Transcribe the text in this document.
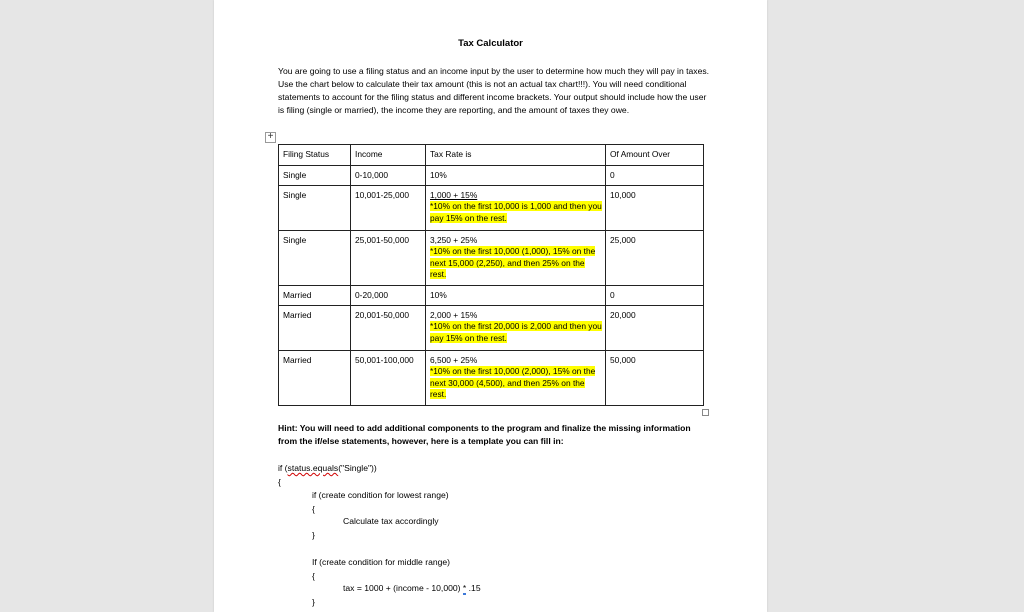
Tax Calculator
You are going to use a filing status and an income input by the user to determine how much they will pay in taxes. Use the chart below to calculate their tax amount (this is not an actual tax chart!!!). You will need conditional statements to account for the filing status and different income brackets. Your output should include how the user is filing (single or married), the income they are reporting, and the amount of taxes they owe.
+
Filing Status	Income	Tax Rate is	Of Amount Over
Single	0-10,000	10%	0
Single	10,001-25,000	1,000 + 15%
*10% on the first 10,000 is 1,000 and then you pay 15% on the rest.	10,000
Single	25,001-50,000	3,250 + 25%
*10% on the first 10,000 (1,000), 15% on the next 15,000 (2,250), and then 25% on the rest.	25,000
Married	0-20,000	10%	0
Married	20,001-50,000	2,000 + 15%
*10% on the first 20,000 is 2,000 and then you pay 15% on the rest.	20,000
Married	50,001-100,000	6,500 + 25%
*10% on the first 10,000 (2,000), 15% on the next 30,000 (4,500), and then 25% on the rest.	50,000
Hint: You will need to add additional components to the program and finalize the missing information from the if/else statements, however, here is a template you can fill in:
if (status.equals("Single"))
{
if (create condition for lowest range)
{
Calculate tax accordingly
}
If (create condition for middle range)
{
tax = 1000 + (income - 10,000) * .15
}
